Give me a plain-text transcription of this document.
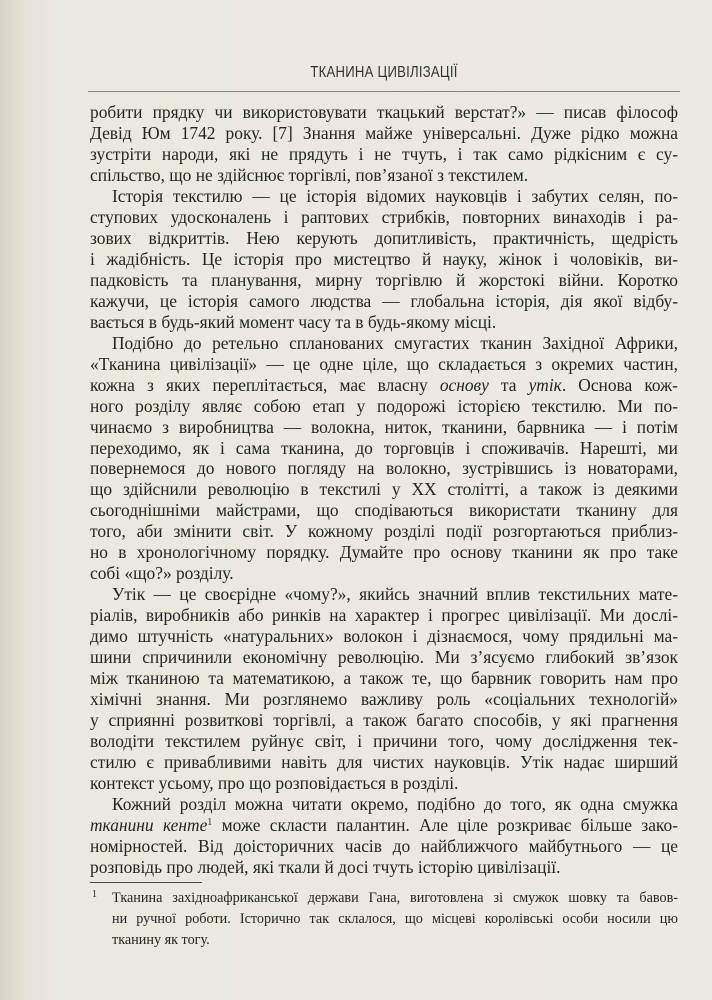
ТКАНИНА ЦИВІЛІЗАЦІЇ
робити прядку чи використовувати ткацький верстат?» — писав філософ
Девід Юм 1742 року. [7] Знання майже універсальні. Дуже рідко можна
зустріти народи, які не прядуть і не тчуть, і так само рідкісним є су-
спільство, що не здійснює торгівлі, пов’язаної з текстилем.
Історія текстилю — це історія відомих науковців і забутих селян, по-
ступових удосконалень і раптових стрибків, повторних винаходів і ра-
зових відкриттів. Нею керують допитливість, практичність, щедрість
і жадібність. Це історія про мистецтво й науку, жінок і чоловіків, ви-
падковість та планування, мирну торгівлю й жорстокі війни. Коротко
кажучи, це історія самого людства — глобальна історія, дія якої відбу-
вається в будь-який момент часу та в будь-якому місці.
Подібно до ретельно спланованих смугастих тканин Західної Африки,
«Тканина цивілізації» — це одне ціле, що складається з окремих частин,
кожна з яких переплітається, має власну основу та утік. Основа кож-
ного розділу являє собою етап у подорожі історією текстилю. Ми по-
чинаємо з виробництва — волокна, ниток, тканини, барвника — і потім
переходимо, як і сама тканина, до торговців і споживачів. Нарешті, ми
повернемося до нового погляду на волокно, зустрівшись із новаторами,
що здійснили революцію в текстилі у XX столітті, а також із деякими
сьогоднішніми майстрами, що сподіваються використати тканину для
того, аби змінити світ. У кожному розділі події розгортаються приблиз-
но в хронологічному порядку. Думайте про основу тканини як про таке
собі «що?» розділу.
Утік — це своєрідне «чому?», якийсь значний вплив текстильних мате-
ріалів, виробників або ринків на характер і прогрес цивілізації. Ми дослі-
димо штучність «натуральних» волокон і дізнаємося, чому прядильні ма-
шини спричинили економічну революцію. Ми з’ясуємо глибокий зв’язок
між тканиною та математикою, а також те, що барвник говорить нам про
хімічні знання. Ми розглянемо важливу роль «соціальних технологій»
у сприянні розвиткові торгівлі, а також багато способів, у які прагнення
володіти текстилем руйнує світ, і причини того, чому дослідження тек-
стилю є привабливими навіть для чистих науковців. Утік надає ширший
контекст усьому, про що розповідається в розділі.
Кожний розділ можна читати окремо, подібно до того, як одна смужка
тканини кенте$^1$ може скласти палантин. Але ціле розкриває більше зако-
номірностей. Від доісторичних часів до найближчого майбутнього — це
розповідь про людей, які ткали й досі тчуть історію цивілізації.
1 Тканина західноафриканської держави Гана, виготовлена зі смужок шовку та бавов-
ни ручної роботи. Історично так склалося, що місцеві королівські особи носили цю
тканину як тогу.
